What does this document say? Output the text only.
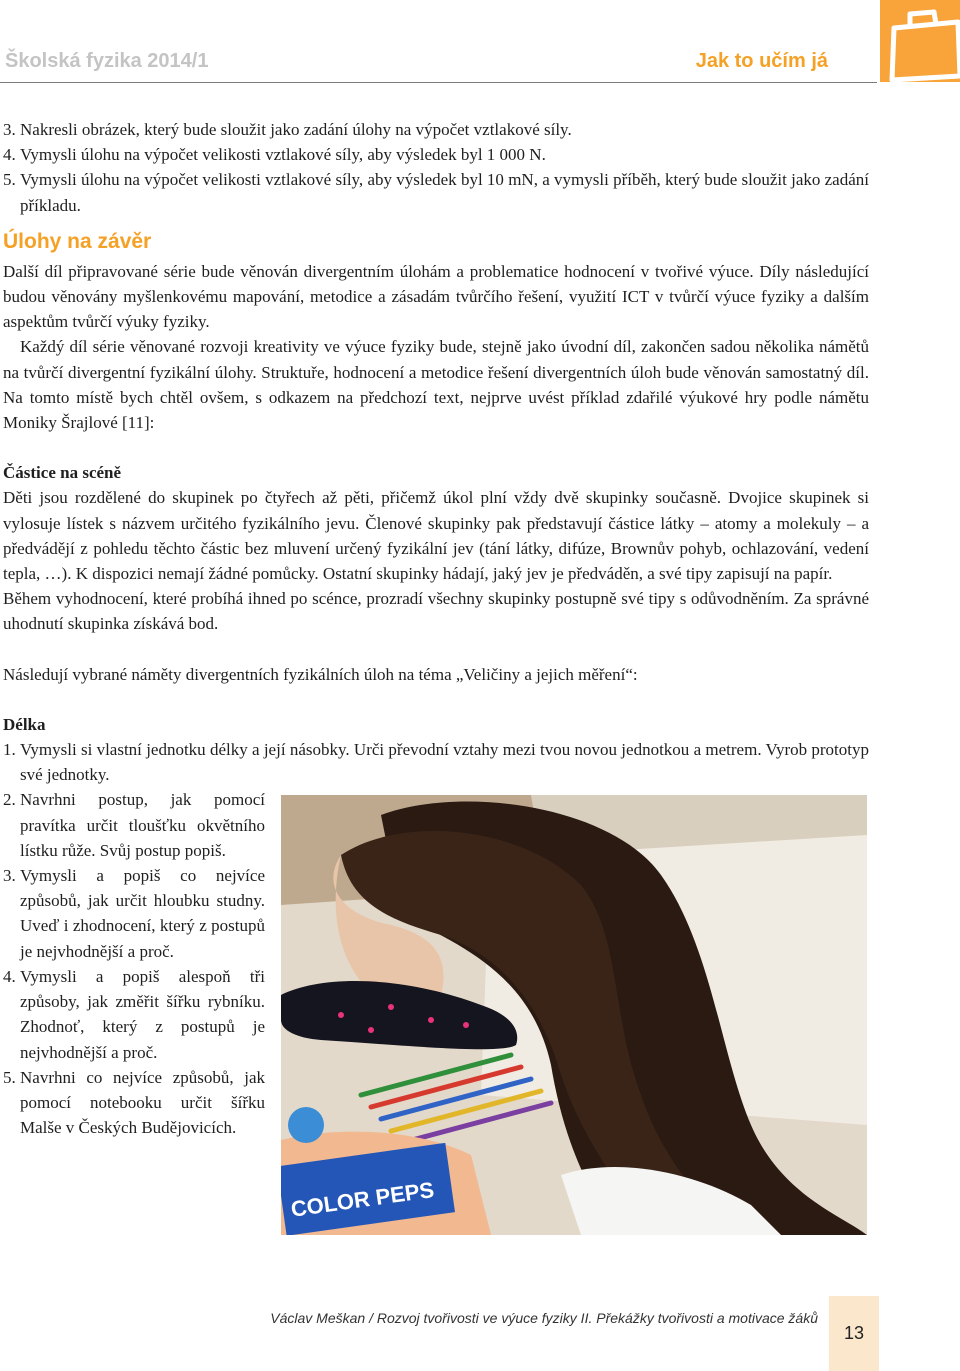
Školská fyzika 2014/1	Jak to učím já
3. Nakresli obrázek, který bude sloužit jako zadání úlohy na výpočet vztlakové síly.
4. Vymysli úlohu na výpočet velikosti vztlakové síly, aby výsledek byl 1 000 N.
5. Vymysli úlohu na výpočet velikosti vztlakové síly, aby výsledek byl 10 mN, a vymysli příběh, který bude sloužit jako zadání příkladu.
Úlohy na závěr

Další díl připravované série bude věnován divergentním úlohám a problematice hodnocení v tvořivé výuce. Díly následující budou věnovány myšlenkovému mapování, metodice a zásadám tvůrčího řešení, využití ICT v tvůrčí výuce fyziky a dalším aspektům tvůrčí výuky fyziky.

Každý díl série věnované rozvoji kreativity ve výuce fyziky bude, stejně jako úvodní díl, zakončen sadou několika námětů na tvůrčí divergentní fyzikální úlohy. Struktuře, hodnocení a metodice řešení divergentních úloh bude věnován samostatný díl. Na tomto místě bych chtěl ovšem, s odkazem na předchozí text, nejprve uvést příklad zdařilé výukové hry podle námětu Moniky Šrajlové [11]:

Částice na scéně

Děti jsou rozdělené do skupinek po čtyřech až pěti, přičemž úkol plní vždy dvě skupinky současně. Dvojice skupinek si vylosuje lístek s názvem určitého fyzikálního jevu. Členové skupinky pak představují částice látky – atomy a molekuly – a předvádějí z pohledu těchto částic bez mluvení určený fyzikální jev (tání látky, difúze, Brownův pohyb, ochlazování, vedení tepla, …). K dispozici nemají žádné pomůcky. Ostatní skupinky hádají, jaký jev je předváděn, a své tipy zapisují na papír.

Během vyhodnocení, které probíhá ihned po scénce, prozradí všechny skupinky postupně své tipy s odůvodněním. Za správné uhodnutí skupinka získává bod.

Následují vybrané náměty divergentních fyzikálních úloh na téma „Veličiny a jejich měření“:

Délka

1. Vymysli si vlastní jednotku délky a její násobky. Urči převodní vztahy mezi tvou novou jednotkou a metrem. Vyrob prototyp své jednotky.
2. Navrhni postup, jak pomocí pravítka určit tloušťku okvětního lístku růže. Svůj postup popiš.
3. Vymysli a popiš co nejvíce způsobů, jak určit hloubku studny. Uveď i zhodnocení, který z postupů je nejvhodnější a proč.
4. Vymysli a popiš alespoň tři způsoby, jak změřit šířku rybníku. Zhodnoť, který z postupů je nejvhodnější a proč.
5. Navrhni co nejvíce způsobů, jak pomocí notebooku určit šířku Malše v Českých Budějovicích.
COLOR PEPS
Václav Meškan / Rozvoj tvořivosti ve výuce fyziky II. Překážky tvořivosti a motivace žáků
13
